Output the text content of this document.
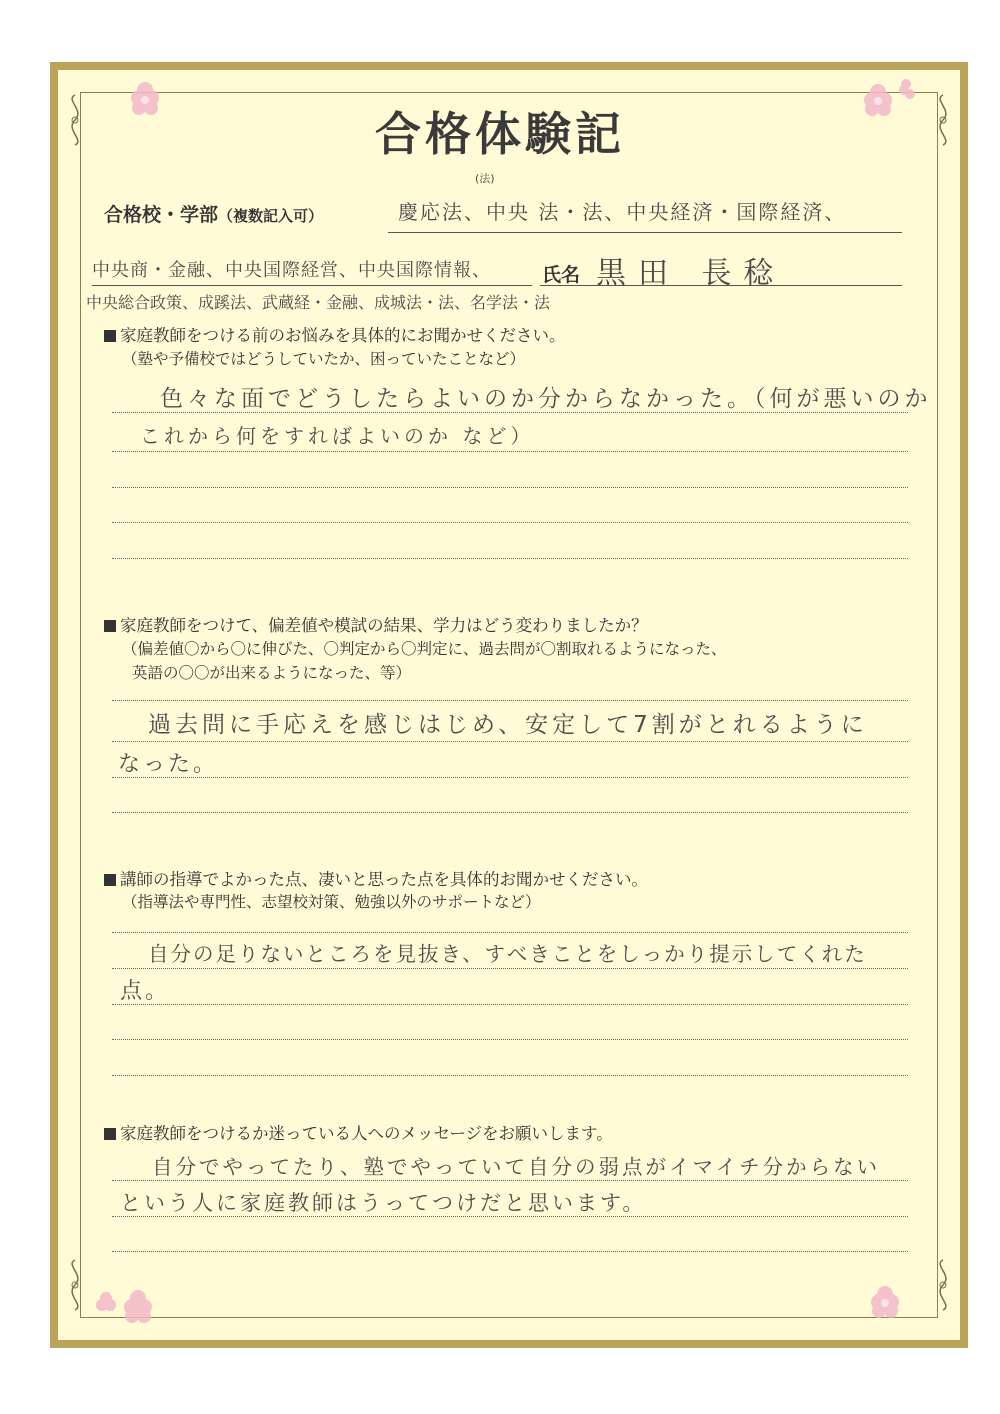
合格体験記
合格校・学部（複数記入可）
(法)
慶応法、中央 法・法、中央経済・国際経済、
中央商・金融、中央国際経営、中央国際情報、	氏名 黒田 長稔
中央総合政策、成蹊法、武蔵経・金融、成城法・法、名学法・法
家庭教師をつける前のお悩みを具体的にお聞かせください。
（塾や予備校ではどうしていたか、困っていたことなど）
色々な面でどうしたらよいのか分からなかった。（何が悪いのか
これから何をすればよいのか など）
家庭教師をつけて、偏差値や模試の結果、学力はどう変わりましたか？
（偏差値〇から〇に伸びた、〇判定から〇判定に、過去問が〇割取れるようになった、
英語の〇〇が出来るようになった、等）
過去問に手応えを感じはじめ、安定して7割がとれるように
なった。
講師の指導でよかった点、凄いと思った点を具体的お聞かせください。
（指導法や専門性、志望校対策、勉強以外のサポートなど）
自分の足りないところを見抜き、すべきことをしっかり提示してくれた
点。
家庭教師をつけるか迷っている人へのメッセージをお願いします。
自分でやってたり、塾でやっていて自分の弱点がイマイチ分からない
という人に家庭教師はうってつけだと思います。
